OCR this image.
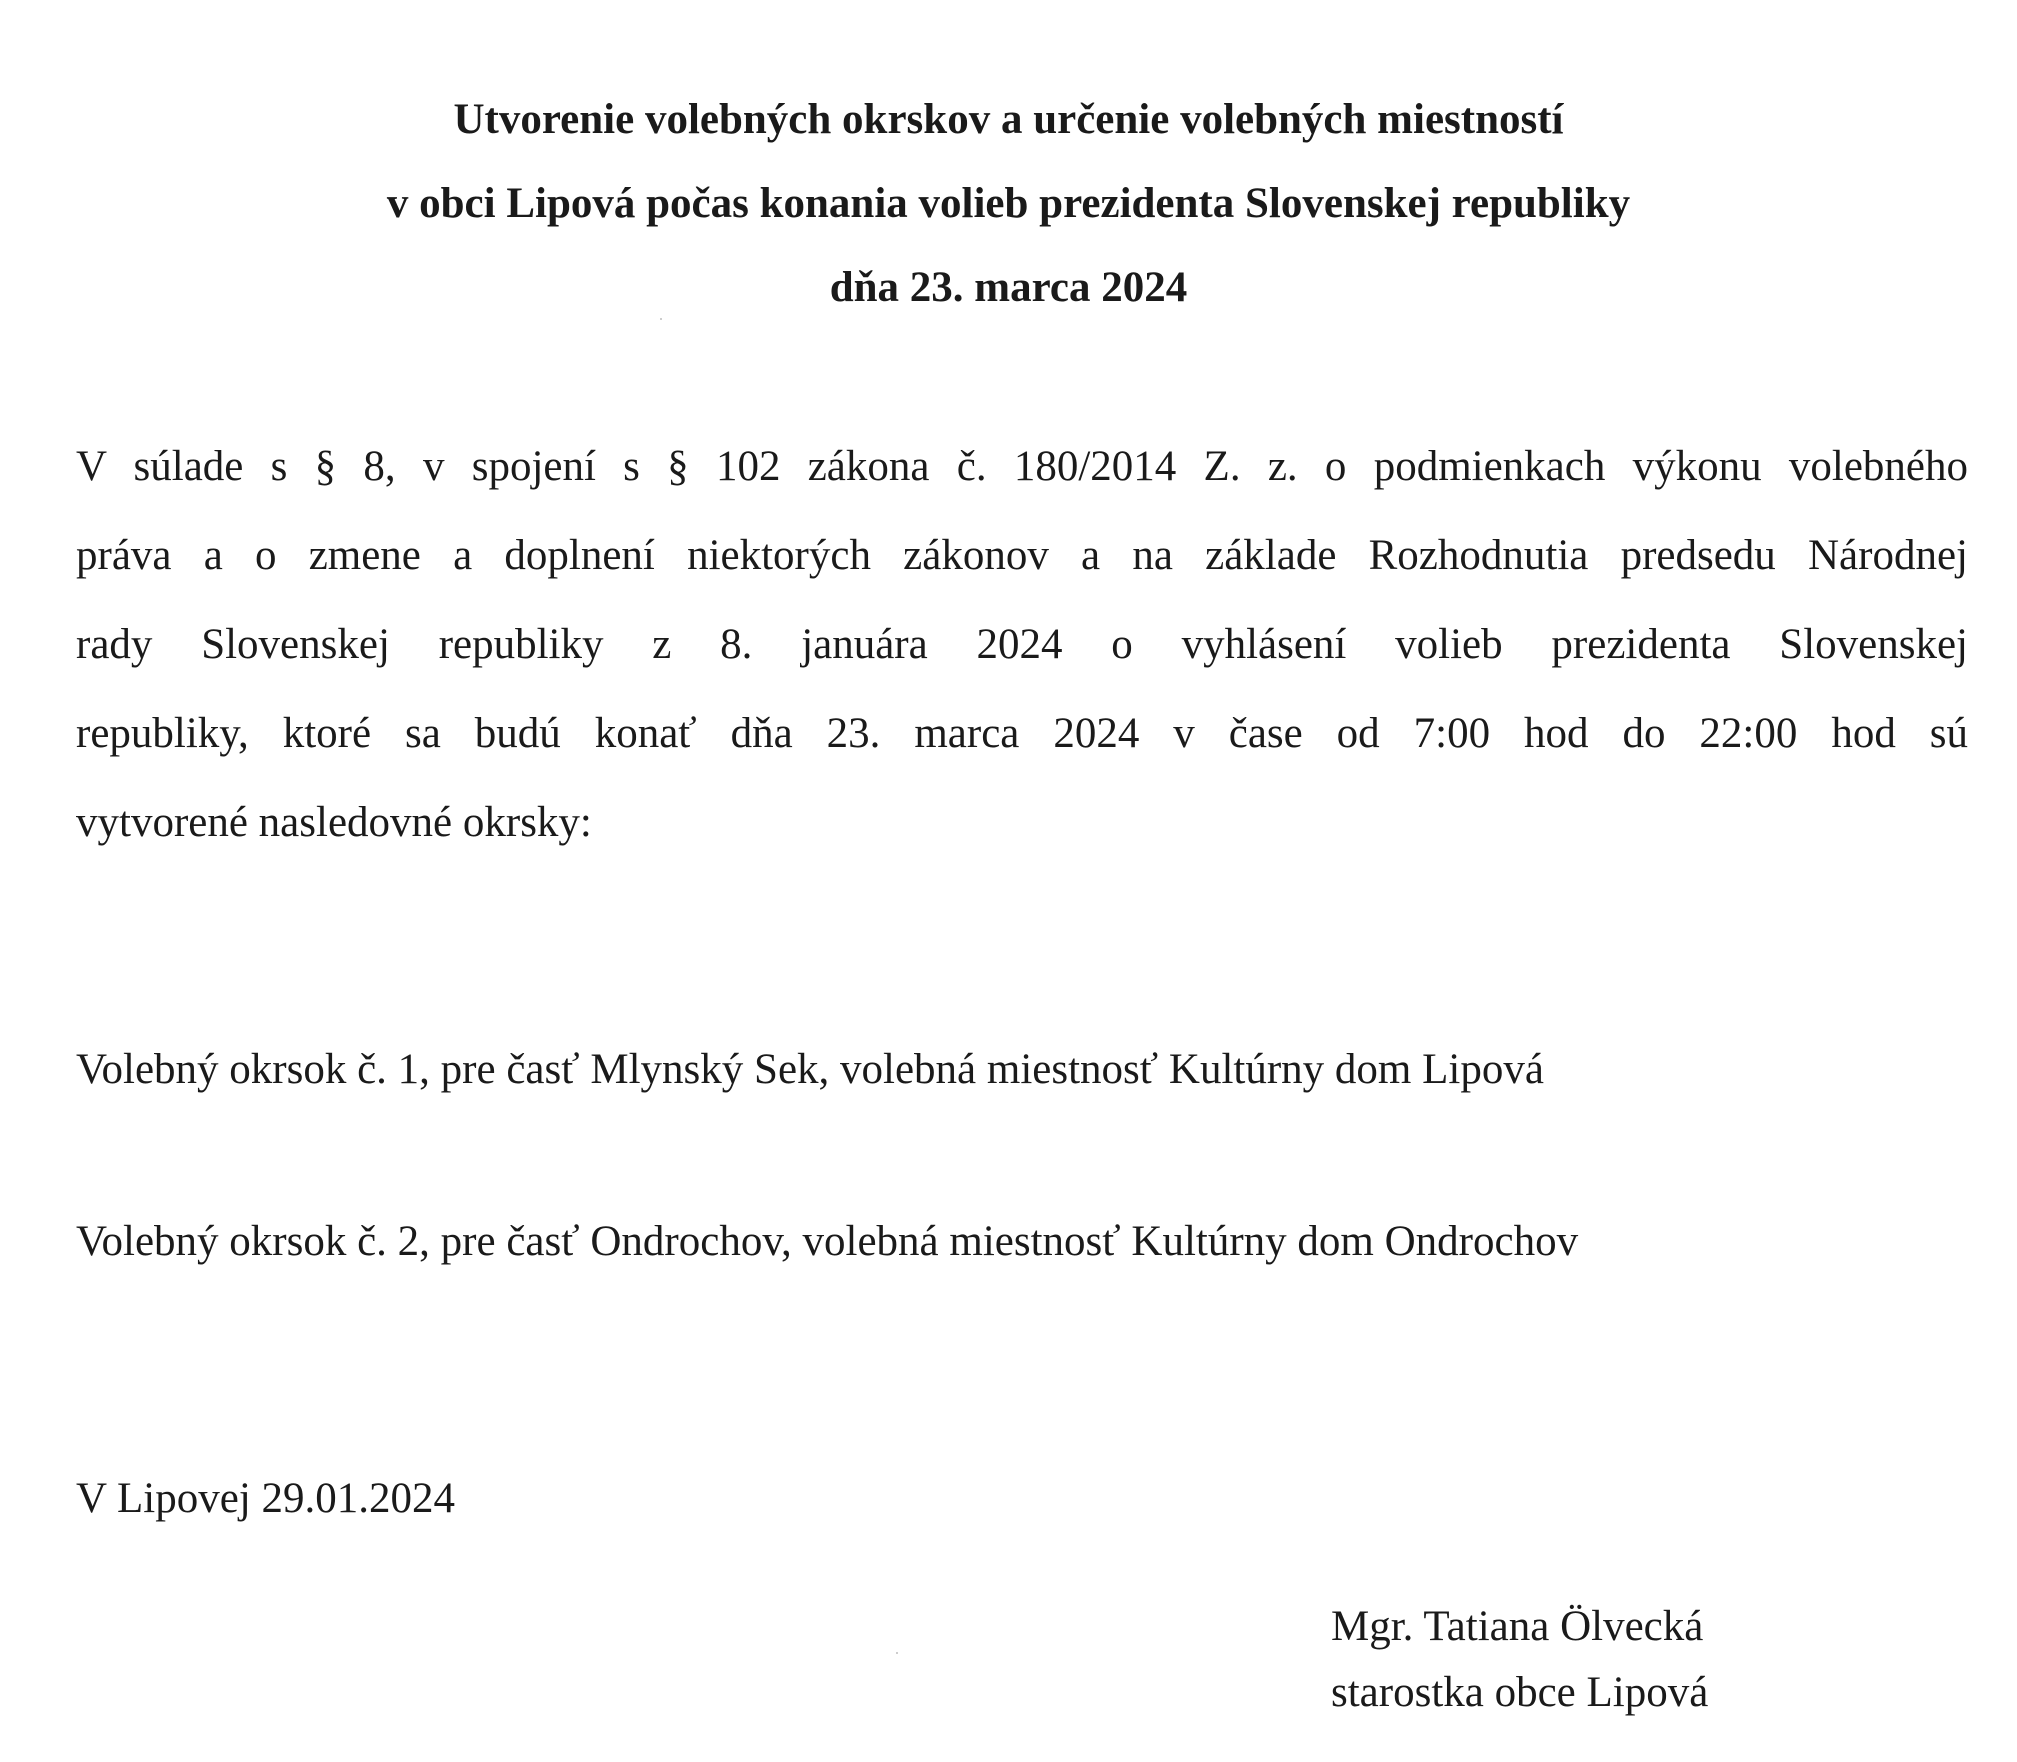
Utvorenie volebných okrskov a určenie volebných miestností
v obci Lipová počas konania volieb prezidenta Slovenskej republiky
dňa 23. marca 2024
V súlade s § 8, v spojení s § 102 zákona č. 180/2014 Z. z. o podmienkach výkonu volebného
práva a o zmene a doplnení niektorých zákonov a na základe Rozhodnutia predsedu Národnej
rady Slovenskej republiky z 8. januára 2024 o vyhlásení volieb prezidenta Slovenskej
republiky, ktoré sa budú konať dňa 23. marca 2024 v čase od 7:00 hod do 22:00 hod sú
vytvorené nasledovné okrsky:
Volebný okrsok č. 1, pre časť Mlynský Sek, volebná miestnosť Kultúrny dom Lipová
Volebný okrsok č. 2, pre časť Ondrochov, volebná miestnosť Kultúrny dom Ondrochov
V Lipovej 29.01.2024
Mgr. Tatiana Ölvecká
starostka obce Lipová
